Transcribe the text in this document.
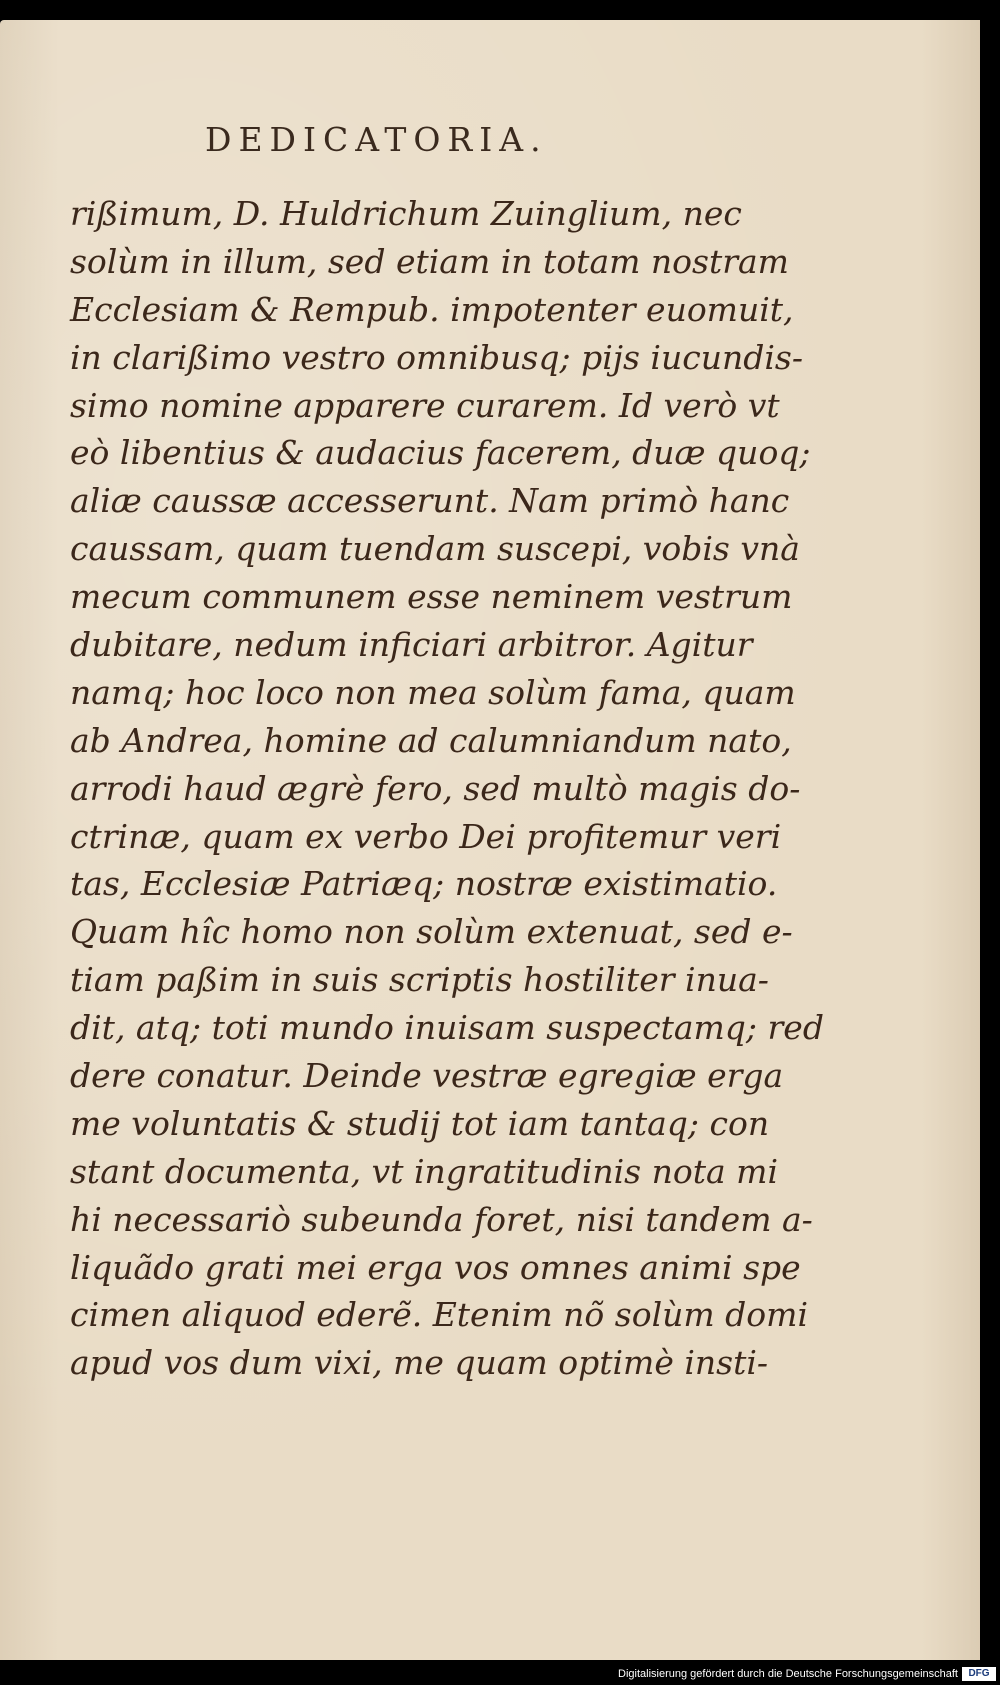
DEDICATORIA.
rißimum, D. Huldrichum Zuinglium, nec
solùm in illum, sed etiam in totam nostram
Ecclesiam & Rempub. impotenter euomuit,
in clarißimo vestro omnibusq; pijs iucundis-
simo nomine apparere curarem. Id verò vt
eò libentius & audacius facerem, duæ quoq;
aliæ caussæ accesserunt. Nam primò hanc
caussam, quam tuendam suscepi, vobis vnà
mecum communem esse neminem vestrum
dubitare, nedum inficiari arbitror. Agitur
namq; hoc loco non mea solùm fama, quam
ab Andrea, homine ad calumniandum nato,
arrodi haud ægrè fero, sed multò magis do-
ctrinæ, quam ex verbo Dei profitemur veri
tas, Ecclesiæ Patriæq; nostræ existimatio.
Quam hîc homo non solùm extenuat, sed e-
tiam paßim in suis scriptis hostiliter inua-
dit, atq; toti mundo inuisam suspectamq; red
dere conatur. Deinde vestræ egregiæ erga
me voluntatis & studij tot iam tantaq; con
stant documenta, vt ingratitudinis nota mi
hi necessariò subeunda foret, nisi tandem a-
liquãdo grati mei erga vos omnes animi spe
cimen aliquod ederẽ. Etenim nõ solùm domi
apud vos dum vixi, me quam optimè insti-
Digitalisierung gefördert durch die Deutsche Forschungsgemeinschaft	DFG
